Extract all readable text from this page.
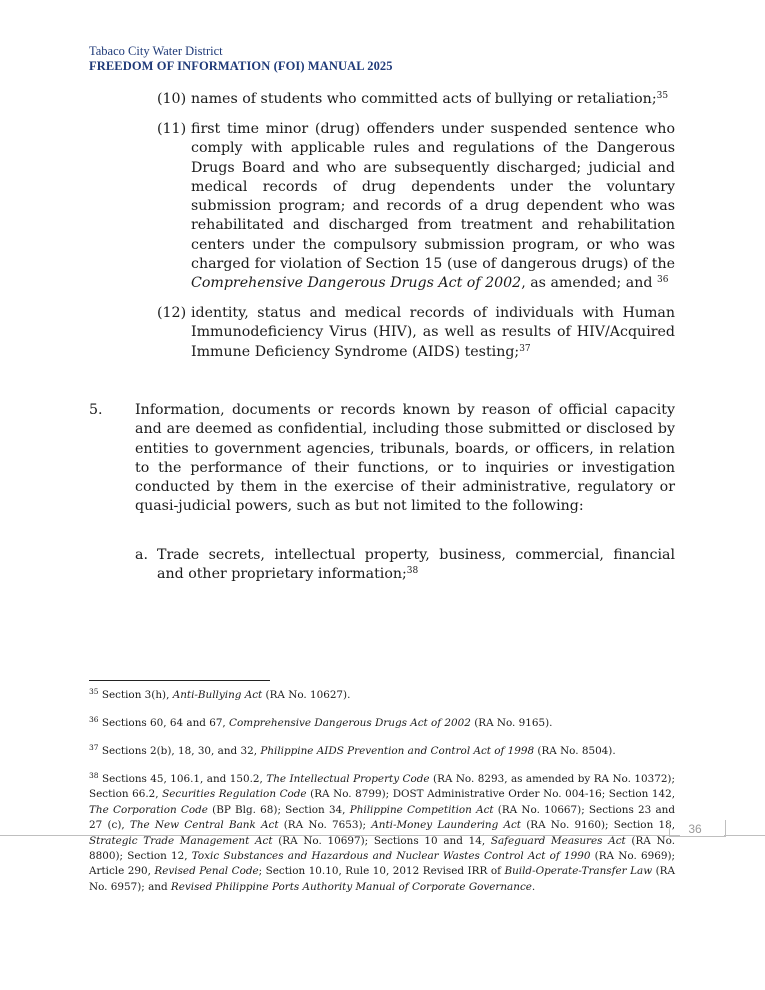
Tabaco City Water District
FREEDOM OF INFORMATION (FOI) MANUAL 2025
(10) names of students who committed acts of bullying or retaliation;$^{35}$
(11) first time minor (drug) offenders under suspended sentence who comply with applicable rules and regulations of the Dangerous Drugs Board and who are subsequently discharged; judicial and medical records of drug dependents under the voluntary submission program; and records of a drug dependent who was rehabilitated and discharged from treatment and rehabilitation centers under the compulsory submission program, or who was charged for violation of Section 15 (use of dangerous drugs) of the Comprehensive Dangerous Drugs Act of 2002, as amended; and $^{36}$
(12) identity, status and medical records of individuals with Human Immunodeficiency Virus (HIV), as well as results of HIV/Acquired Immune Deficiency Syndrome (AIDS) testing;$^{37}$
5.	Information, documents or records known by reason of official capacity and are deemed as confidential, including those submitted or disclosed by entities to government agencies, tribunals, boards, or officers, in relation to the performance of their functions, or to inquiries or investigation conducted by them in the exercise of their administrative, regulatory or quasi-judicial powers, such as but not limited to the following:
a. Trade secrets, intellectual property, business, commercial, financial and other proprietary information;$^{38}$
$^{35}$ Section 3(h), Anti-Bullying Act (RA No. 10627).
$^{36}$ Sections 60, 64 and 67, Comprehensive Dangerous Drugs Act of 2002 (RA No. 9165).
$^{37}$ Sections 2(b), 18, 30, and 32, Philippine AIDS Prevention and Control Act of 1998 (RA No. 8504).
$^{38}$ Sections 45, 106.1, and 150.2, The Intellectual Property Code (RA No. 8293, as amended by RA No. 10372); Section 66.2, Securities Regulation Code (RA No. 8799); DOST Administrative Order No. 004-16; Section 142, The Corporation Code (BP Blg. 68); Section 34, Philippine Competition Act (RA No. 10667); Sections 23 and 27 (c), The New Central Bank Act (RA No. 7653); Anti-Money Laundering Act (RA No. 9160); Section 18, Strategic Trade Management Act (RA No. 10697); Sections 10 and 14, Safeguard Measures Act (RA No. 8800); Section 12, Toxic Substances and Hazardous and Nuclear Wastes Control Act of 1990 (RA No. 6969); Article 290, Revised Penal Code; Section 10.10, Rule 10, 2012 Revised IRR of Build-Operate-Transfer Law (RA No. 6957); and Revised Philippine Ports Authority Manual of Corporate Governance.
36
